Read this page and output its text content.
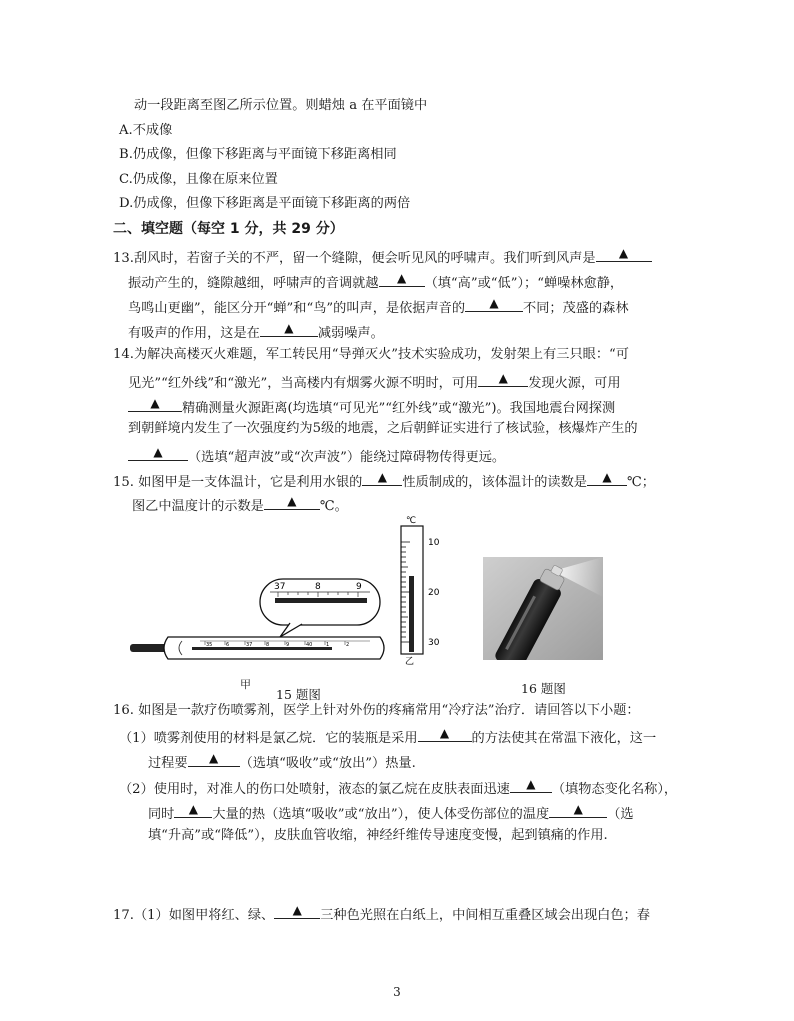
动一段距离至图乙所示位置。则蜡烛 a 在平面镜中
A.不成像
B.仍成像，但像下移距离与平面镜下移距离相同
C.仍成像，且像在原来位置
D.仍成像，但像下移距离是平面镜下移距离的两倍
二、填空题（每空 1 分，共 29 分）
13.刮风时，若窗子关的不严，留一个缝隙，便会听见风的呼啸声。我们听到风声是▲
振动产生的，缝隙越细，呼啸声的音调就越 ▲	（填“高”或“低”）；“蝉噪林愈静，
鸟鸣山更幽”，能区分开“蝉”和“鸟”的叫声，是依据声音的 ▲	不同；茂盛的森林
有吸声的作用，这是在 ▲	减弱噪声。
14.为解决高楼灭火难题，军工转民用“导弹灭火”技术实验成功，发射架上有三只眼：“可
见光”“红外线”和“激光”，当高楼内有烟雾火源不明时，可用 ▲	发现火源，可用
▲精确测量火源距离(均选填“可见光”“红外线”或“激光”)。我国地震台网探测
到朝鲜境内发生了一次强度约为5级的地震，之后朝鲜证实进行了核试验，核爆炸产生的
▲（选填“超声波”或“次声波”）能绕过障碍物传得更远。
15. 如图甲是一支体温计，它是利用水银的 ▲	性质制成的，该体温计的读数是 ▲	℃；
图乙中温度计的示数是 ▲	℃。
37	8	9
35	6	37	8	9	40	1	2
甲
15 题图
℃
10
20
30
乙
16 题图
16. 如图是一款疗伤喷雾剂，医学上针对外伤的疼痛常用“冷疗法”治疗．请回答以下小题：
（1）喷雾剂使用的材料是氯乙烷．它的装瓶是采用 ▲	的方法使其在常温下液化，这一
过程要 ▲	（选填“吸收”或“放出”）热量.
（2）使用时，对准人的伤口处喷射，液态的氯乙烷在皮肤表面迅速 ▲	（填物态变化名称），
同时 ▲	大量的热（选填“吸收”或“放出”），使人体受伤部位的温度 ▲	（选
填“升高”或“降低”），皮肤血管收缩，神经纤维传导速度变慢，起到镇痛的作用.
17.（1）如图甲将红、绿、 ▲	三种色光照在白纸上，中间相互重叠区域会出现白色；春
3
